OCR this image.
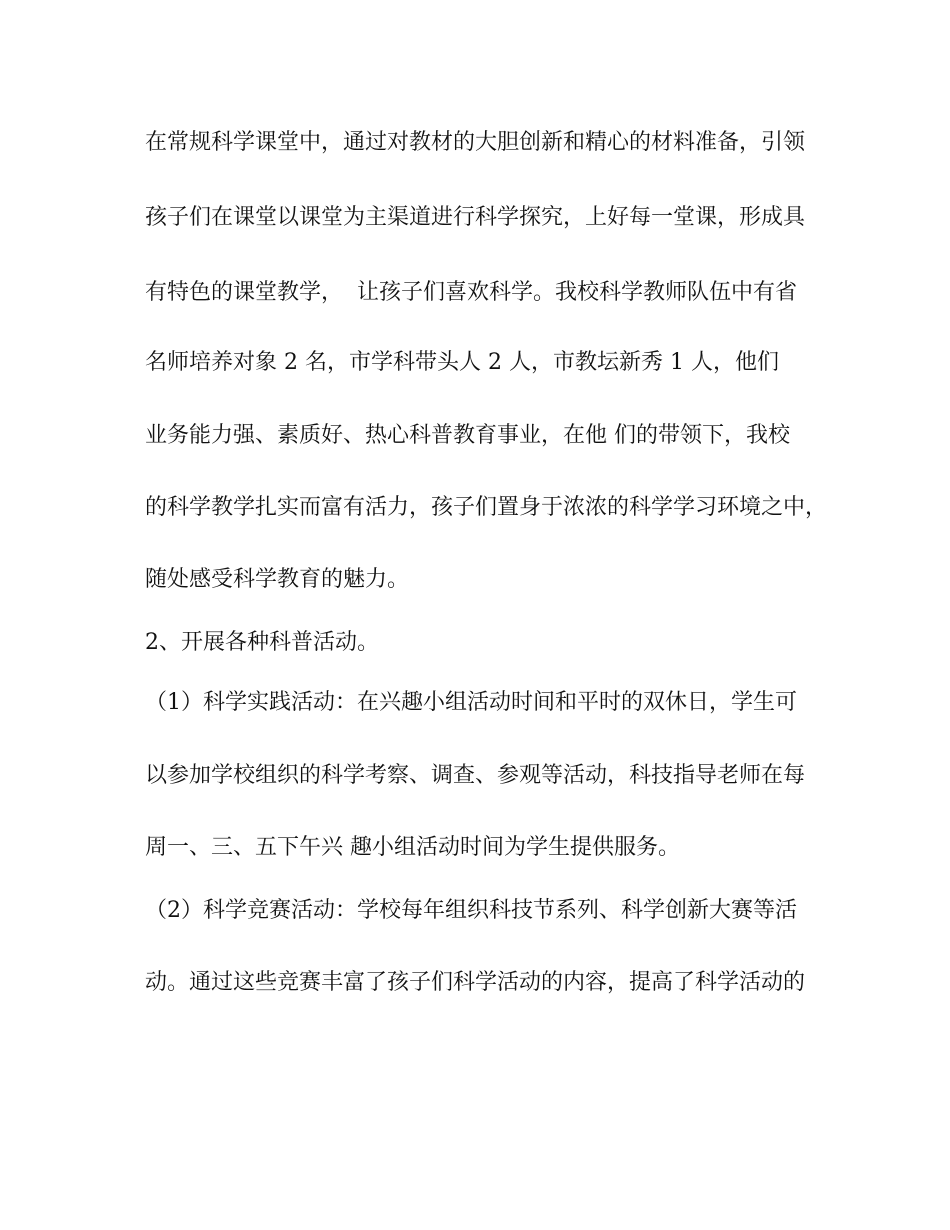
在常规科学课堂中，通过对教材的大胆创新和精心的材料准备，引领
孩子们在课堂以课堂为主渠道进行科学探究，上好每一堂课，形成具
有特色的课堂教学，  让孩子们喜欢科学。我校科学教师队伍中有省
名师培养对象 2 名，市学科带头人 2 人，市教坛新秀 1 人，他们
业务能力强、素质好、热心科普教育事业，在他 们的带领下，我校
的科学教学扎实而富有活力，孩子们置身于浓浓的科学学习环境之中，
随处感受科学教育的魅力。
2、开展各种科普活动。
（1）科学实践活动：在兴趣小组活动时间和平时的双休日，学生可
以参加学校组织的科学考察、调查、参观等活动，科技指导老师在每
周一、三、五下午兴 趣小组活动时间为学生提供服务。
（2）科学竞赛活动：学校每年组织科技节系列、科学创新大赛等活
动。通过这些竞赛丰富了孩子们科学活动的内容，提高了科学活动的
